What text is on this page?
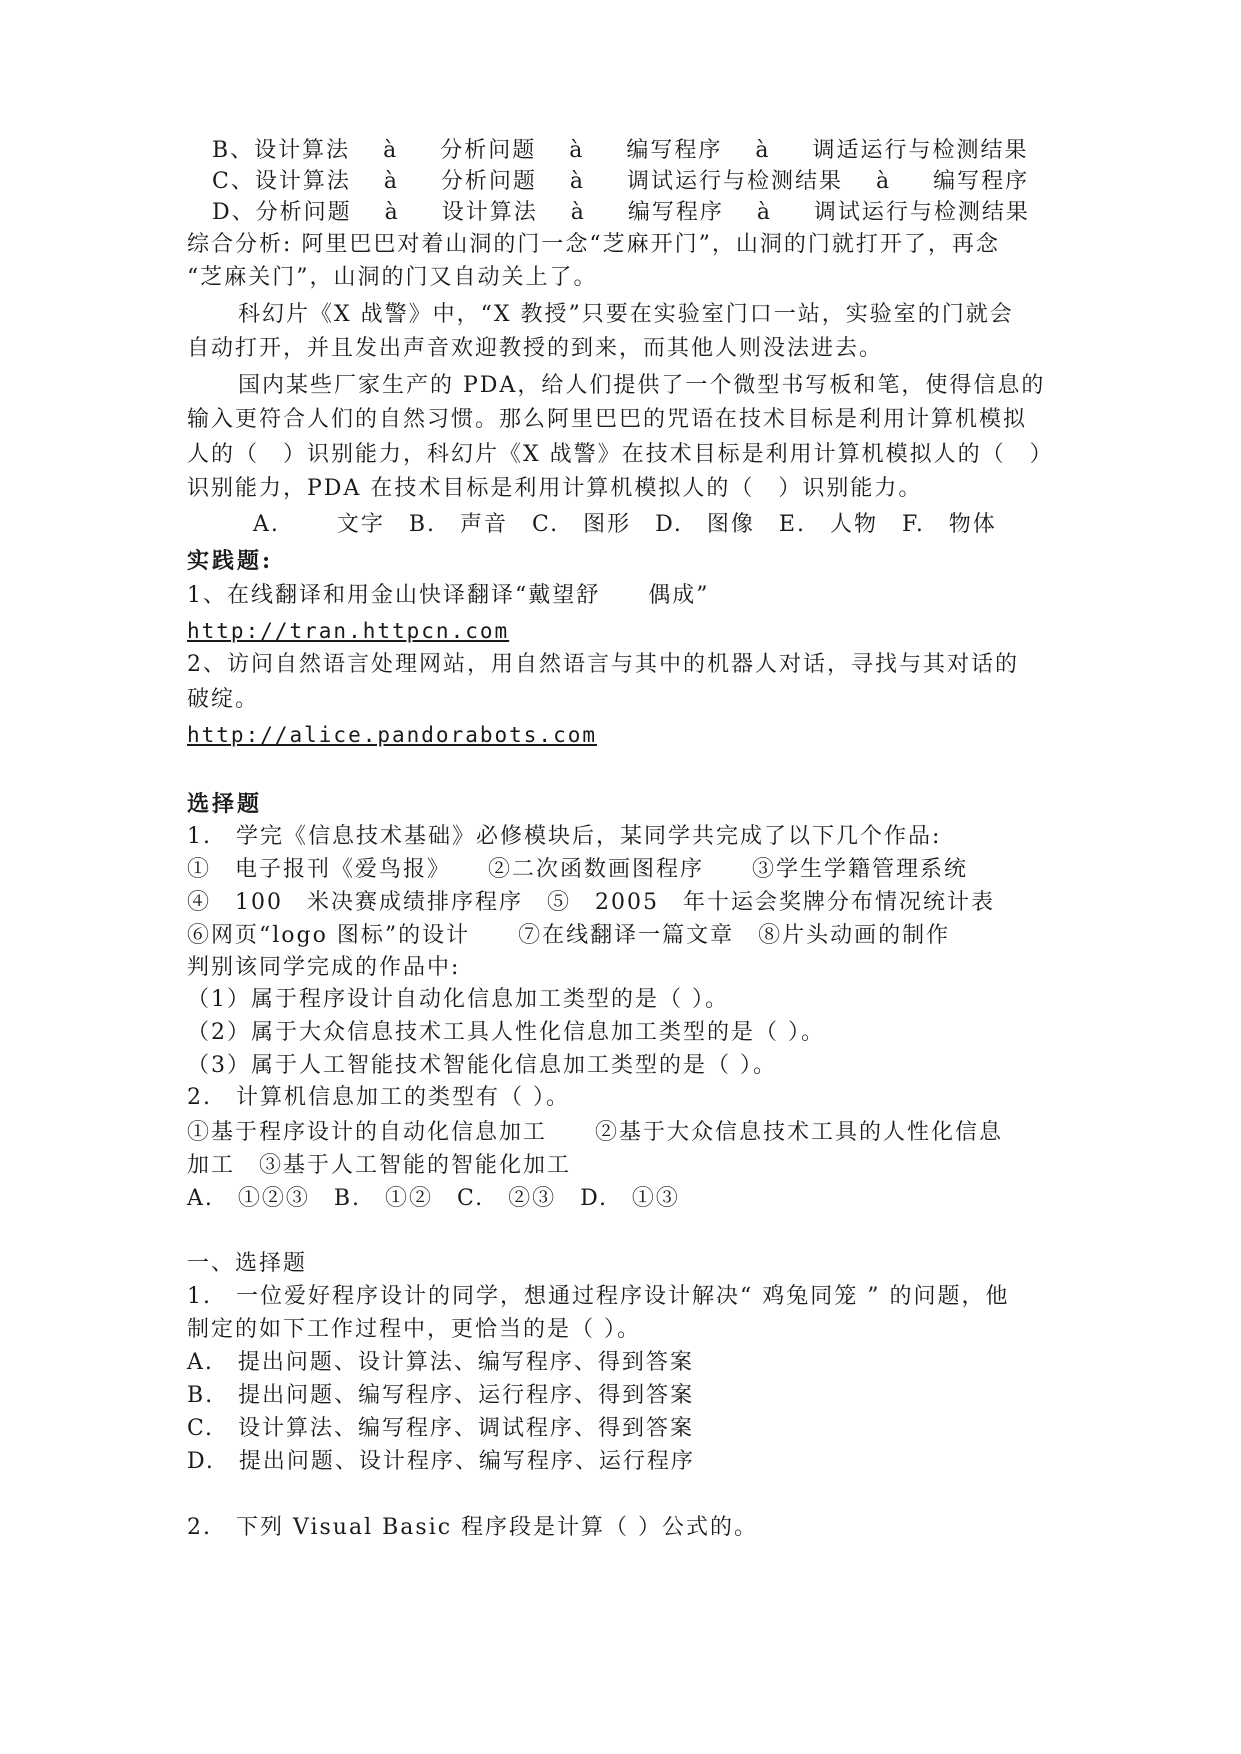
B、设计算法　 à 　 分析问题　 à 　 编写程序　 à 　 调适运行与检测结果
C、设计算法　 à 　 分析问题　 à 　 调试运行与检测结果　 à 　 编写程序
D、分析问题　 à 　 设计算法　 à 　 编写程序　 à 　 调试运行与检测结果
综合分析: 阿里巴巴对着山洞的门一念“芝麻开门”，山洞的门就打开了，再念
“芝麻关门”，山洞的门又自动关上了。
科幻片《X 战警》中，“X 教授”只要在实验室门口一站，实验室的门就会
自动打开，并且发出声音欢迎教授的到来，而其他人则没法进去。
国内某些厂家生产的 PDA，给人们提供了一个微型书写板和笔，使得信息的
输入更符合人们的自然习惯。那么阿里巴巴的咒语在技术目标是利用计算机模拟
人的（　）识别能力，科幻片《X 战警》在技术目标是利用计算机模拟人的（　）
识别能力，PDA 在技术目标是利用计算机模拟人的（　）识别能力。
A. 　　文字　B.　声音　C.　图形　D.　图像　E.　人物　F.　物体
实践题:
1、在线翻译和用金山快译翻译“戴望舒　　偶成”
http://tran.httpcn.com
2、访问自然语言处理网站，用自然语言与其中的机器人对话，寻找与其对话的
破绽。
http://alice.pandorabots.com
选择题
1.　学完《信息技术基础》必修模块后，某同学共完成了以下几个作品:
①　电子报刊《爱鸟报》　　②二次函数画图程序　　③学生学籍管理系统
④　100　米决赛成绩排序程序　⑤　2005　年十运会奖牌分布情况统计表
⑥网页“logo 图标”的设计　　⑦在线翻译一篇文章　⑧片头动画的制作
判别该同学完成的作品中:
（1）属于程序设计自动化信息加工类型的是（ ）。
（2）属于大众信息技术工具人性化信息加工类型的是（ ）。
（3）属于人工智能技术智能化信息加工类型的是（ ）。
2.　计算机信息加工的类型有（ ）。
①基于程序设计的自动化信息加工　　②基于大众信息技术工具的人性化信息
加工　③基于人工智能的智能化加工
A.　①②③　B.　①②　C.　②③　D.　①③
一、选择题
1.　一位爱好程序设计的同学，想通过程序设计解决“ 鸡兔同笼 ” 的问题，他
制定的如下工作过程中，更恰当的是（ ）。
A.　提出问题、设计算法、编写程序、得到答案
B.　提出问题、编写程序、运行程序、得到答案
C.　设计算法、编写程序、调试程序、得到答案
D.　提出问题、设计程序、编写程序、运行程序
2.　下列 Visual Basic 程序段是计算（ ）公式的。
